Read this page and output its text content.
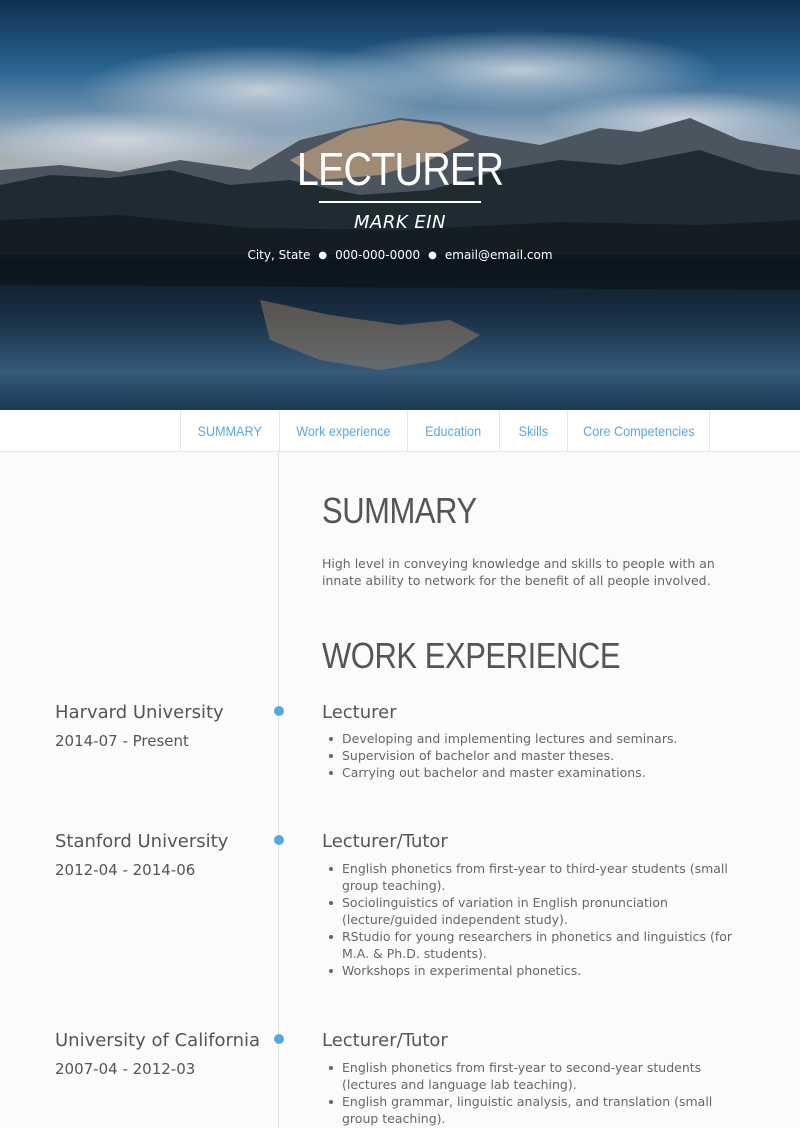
LECTURER
MARK EIN
City, State ● 000-000-0000 ● email@email.com
SUMMARY	Work experience	Education	Skills	Core Competencies
SUMMARY
High level in conveying knowledge and skills to people with an innate ability to network for the benefit of all people involved.
WORK EXPERIENCE
Harvard University
2014-07 - Present
Lecturer
Developing and implementing lectures and seminars.
Supervision of bachelor and master theses.
Carrying out bachelor and master examinations.
Stanford University
2012-04 - 2014-06
Lecturer/Tutor
English phonetics from first-year to third-year students (small group teaching).
Sociolinguistics of variation in English pronunciation (lecture/guided independent study).
RStudio for young researchers in phonetics and linguistics (for M.A. & Ph.D. students).
Workshops in experimental phonetics.
University of California
2007-04 - 2012-03
Lecturer/Tutor
English phonetics from first-year to second-year students (lectures and language lab teaching).
English grammar, linguistic analysis, and translation (small group teaching).
